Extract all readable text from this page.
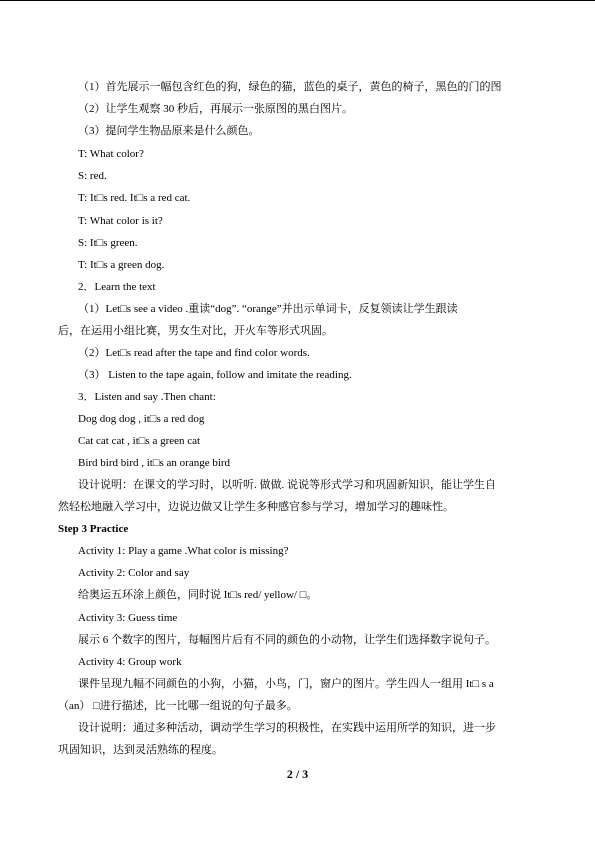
（1）首先展示一幅包含红色的狗，绿色的猫，蓝色的桌子，黄色的椅子，黑色的门的图
（2）让学生观察 30 秒后，再展示一张原图的黑白图片。
（3）提问学生物品原来是什么颜色。
T: What color?
S: red.
T: It□s red. It□s a red cat.
T: What color is it?
S: It□s green.
T: It□s a green dog.
2．Learn the text
（1）Let□s see a video .重读“dog”. “orange”并出示单词卡，反复领读让学生跟读
后，在运用小组比赛，男女生对比，开火车等形式巩固。
（2）Let□s read after the tape and find color words.
（3） Listen to the tape again, follow and imitate the reading.
3．Listen and say .Then chant:
Dog dog dog , it□s a red dog
Cat cat cat , it□s a green cat
Bird bird bird , it□s an orange bird
设计说明：在课文的学习时，以听听. 做做. 说说等形式学习和巩固新知识，能让学生自
然轻松地融入学习中，边说边做又让学生多种感官参与学习，增加学习的趣味性。
Step 3 Practice
Activity 1: Play a game .What color is missing?
Activity 2: Color and say
给奥运五环涂上颜色，同时说 It□s red/ yellow/ □。
Activity 3: Guess time
展示 6 个数字的图片，每幅图片后有不同的颜色的小动物，让学生们选择数字说句子。
Activity 4: Group work
课件呈现九幅不同颜色的小狗，小猫，小鸟，门，窗户的图片。学生四人一组用 It□ s a
（an） □进行描述，比一比哪一组说的句子最多。
设计说明：通过多种活动，调动学生学习的积极性，在实践中运用所学的知识，进一步
巩固知识，达到灵活熟练的程度。
2 / 3
